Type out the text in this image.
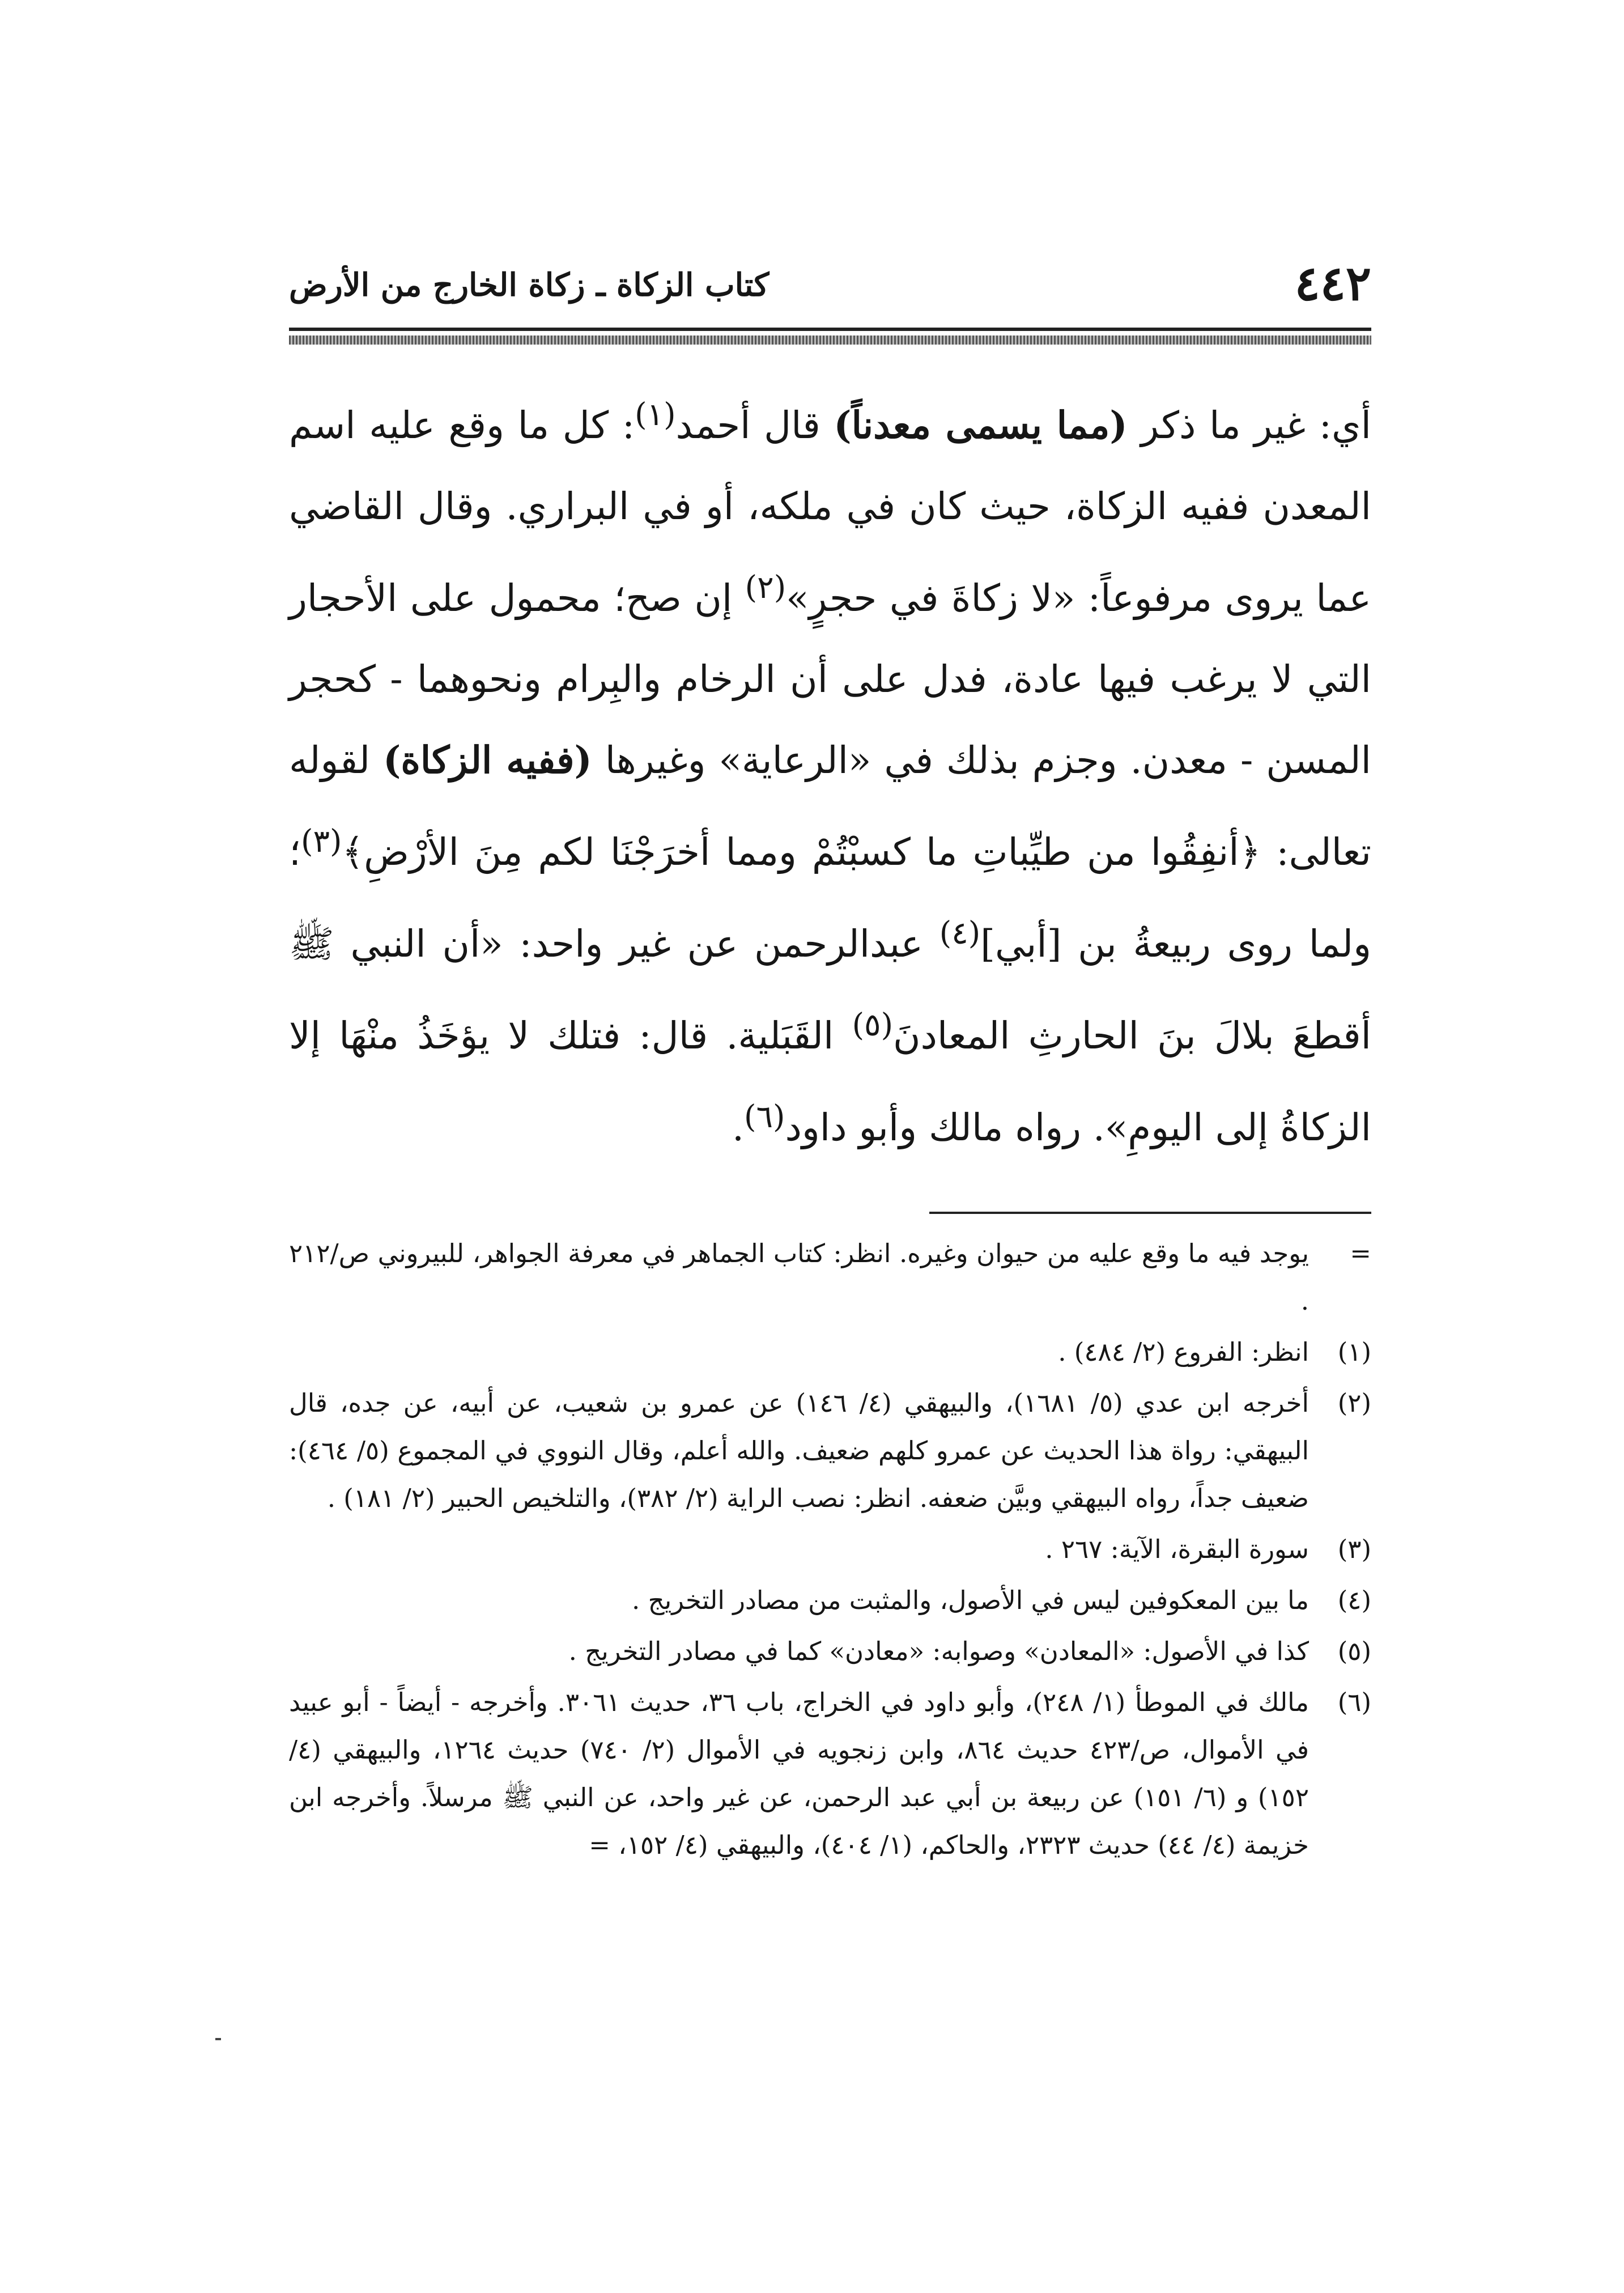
٤٤٢
كتاب الزكاة ـ زكاة الخارج من الأرض

أي: غير ما ذكر (مما يسمى معدناً) قال أحمد$^{(١)}$: كل ما وقع عليه اسم المعدن ففيه الزكاة، حيث كان في ملكه، أو في البراري. وقال القاضي عما يروى مرفوعاً: «لا زكاةَ في حجرٍ»$^{(٢)}$ إن صح؛ محمول على الأحجار التي لا يرغب فيها عادة، فدل على أن الرخام والبِرام ونحوهما - كحجر المسن - معدن. وجزم بذلك في «الرعاية» وغيرها (ففيه الزكاة) لقوله تعالى: ﴿أنفِقُوا من طيِّباتِ ما كسبْتُمْ ومما أخرَجْنَا لكم مِنَ الأرْضِ﴾$^{(٣)}$؛ ولما روى ربيعةُ بن [أبي]$^{(٤)}$ عبدالرحمن عن غير واحد: «أن النبي ﷺ أقطعَ بلالَ بنَ الحارثِ المعادنَ$^{(٥)}$ القَبَلية. قال: فتلك لا يؤخَذُ منْهَا إلا الزكاةُ إلى اليومِ». رواه مالك وأبو داود$^{(٦)}$.

=
يوجد فيه ما وقع عليه من حيوان وغيره. انظر: كتاب الجماهر في معرفة الجواهر، للبيروني ص/٢١٢ .
(١)
انظر: الفروع (٢/ ٤٨٤) .
(٢)
أخرجه ابن عدي (٥/ ١٦٨١)، والبيهقي (٤/ ١٤٦) عن عمرو بن شعيب، عن أبيه، عن جده، قال البيهقي: رواة هذا الحديث عن عمرو كلهم ضعيف. والله أعلم، وقال النووي في المجموع (٥/ ٤٦٤): ضعيف جداً، رواه البيهقي وبيَّن ضعفه. انظر: نصب الراية (٢/ ٣٨٢)، والتلخيص الحبير (٢/ ١٨١) .
(٣)
سورة البقرة، الآية: ٢٦٧ .
(٤)
ما بين المعكوفين ليس في الأصول، والمثبت من مصادر التخريج .
(٥)
كذا في الأصول: «المعادن» وصوابه: «معادن» كما في مصادر التخريج .
(٦)
مالك في الموطأ (١/ ٢٤٨)، وأبو داود في الخراج، باب ٣٦، حديث ٣٠٦١. وأخرجه - أيضاً - أبو عبيد في الأموال، ص/٤٢٣ حديث ٨٦٤، وابن زنجويه في الأموال (٢/ ٧٤٠) حديث ١٢٦٤، والبيهقي (٤/ ١٥٢) و (٦/ ١٥١) عن ربيعة بن أبي عبد الرحمن، عن غير واحد، عن النبي ﷺ مرسلاً. وأخرجه ابن خزيمة (٤/ ٤٤) حديث ٢٣٢٣، والحاكم، (١/ ٤٠٤)، والبيهقي (٤/ ١٥٢، =
